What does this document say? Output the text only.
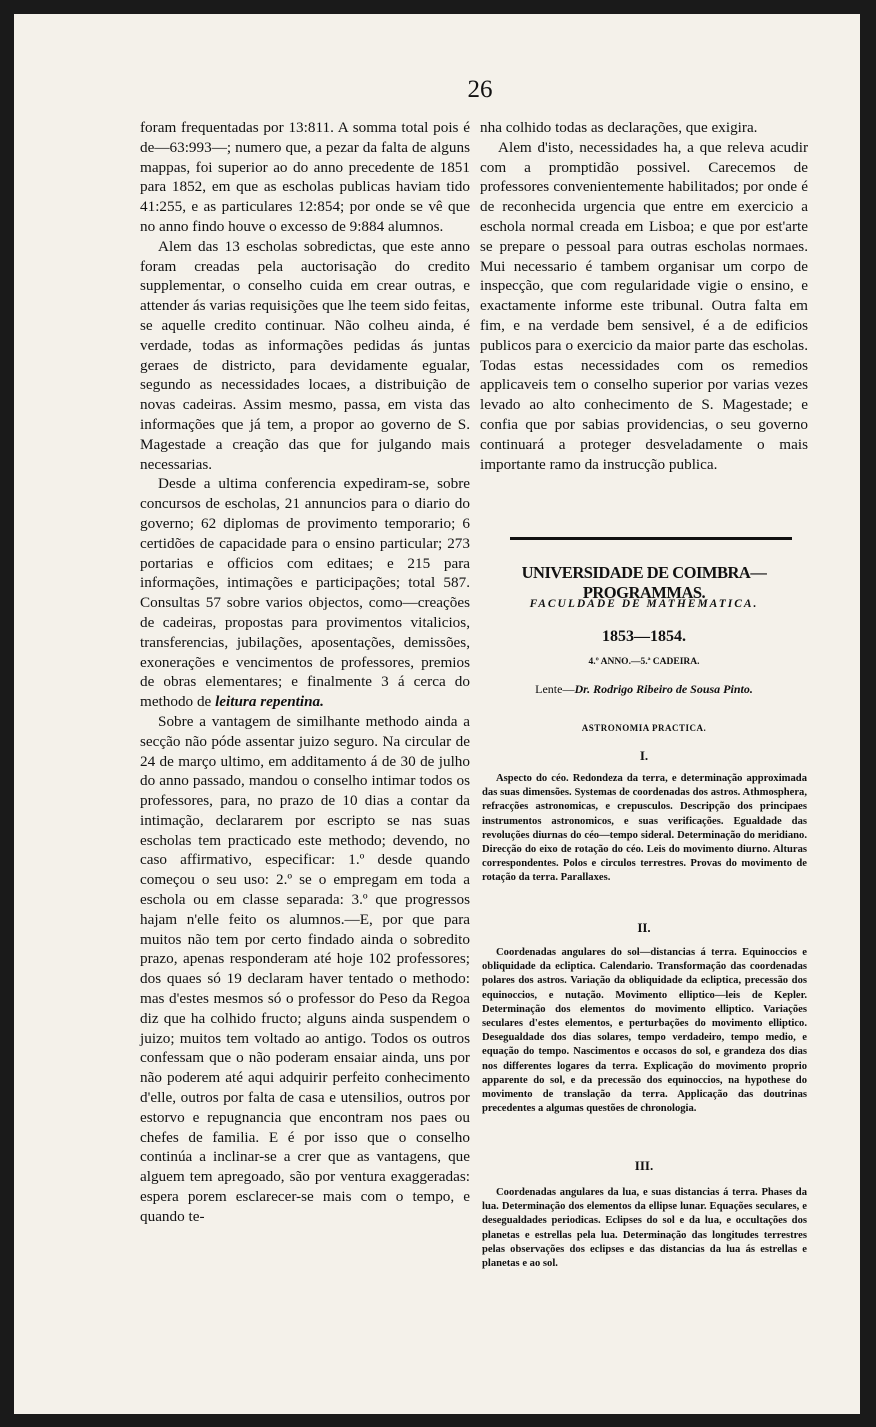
26

foram frequentadas por 13:811. A somma total pois é de—63:993—; numero que, a pezar da falta de alguns mappas, foi superior ao do anno precedente de 1851 para 1852, em que as escholas publicas haviam tido 41:255, e as particulares 12:854; por onde se vê que no anno findo houve o excesso de 9:884 alumnos.

Alem das 13 escholas sobredictas, que este anno foram creadas pela auctorisação do credito supplementar, o conselho cuida em crear outras, e attender ás varias requisições que lhe teem sido feitas, se aquelle credito continuar. Não colheu ainda, é verdade, todas as informações pedidas ás juntas geraes de districto, para devidamente egualar, segundo as necessidades locaes, a distribuição de novas cadeiras. Assim mesmo, passa, em vista das informações que já tem, a propor ao governo de S. Magestade a creação das que for julgando mais necessarias.

Desde a ultima conferencia expediram-se, sobre concursos de escholas, 21 annuncios para o diario do governo; 62 diplomas de provimento temporario; 6 certidões de capacidade para o ensino particular; 273 portarias e officios com editaes; e 215 para informações, intimações e participações; total 587. Consultas 57 sobre varios objectos, como—creações de cadeiras, propostas para provimentos vitalicios, transferencias, jubilações, aposentações, demissões, exonerações e vencimentos de professores, premios de obras elementares; e finalmente 3 á cerca do methodo de leitura repentina.

Sobre a vantagem de similhante methodo ainda a secção não póde assentar juizo seguro. Na circular de 24 de março ultimo, em additamento á de 30 de julho do anno passado, mandou o conselho intimar todos os professores, para, no prazo de 10 dias a contar da intimação, declararem por escripto se nas suas escholas tem practicado este methodo; devendo, no caso affirmativo, especificar: 1.º desde quando começou o seu uso: 2.º se o empregam em toda a eschola ou em classe separada: 3.º que progressos hajam n'elle feito os alumnos.—E, por que para muitos não tem por certo findado ainda o sobredito prazo, apenas responderam até hoje 102 professores; dos quaes só 19 declaram haver tentado o methodo: mas d'estes mesmos só o professor do Peso da Regoa diz que ha colhido fructo; alguns ainda suspendem o juizo; muitos tem voltado ao antigo. Todos os outros confessam que o não poderam ensaiar ainda, uns por não poderem até aqui adquirir perfeito conhecimento d'elle, outros por falta de casa e utensilios, outros por estorvo e repugnancia que encontram nos paes ou chefes de familia. E é por isso que o conselho continúa a inclinar-se a crer que as vantagens, que alguem tem apregoado, são por ventura exaggeradas: espera porem esclarecer-se mais com o tempo, e quando te-

nha colhido todas as declarações, que exigira.

Alem d'isto, necessidades ha, a que releva acudir com a promptidão possivel. Carecemos de professores convenientemente habilitados; por onde é de reconhecida urgencia que entre em exercicio a eschola normal creada em Lisboa; e que por est'arte se prepare o pessoal para outras escholas normaes. Mui necessario é tambem organisar um corpo de inspecção, que com regularidade vigie o ensino, e exactamente informe este tribunal. Outra falta em fim, e na verdade bem sensivel, é a de edificios publicos para o exercicio da maior parte das escholas. Todas estas necessidades com os remedios applicaveis tem o conselho superior por varias vezes levado ao alto conhecimento de S. Magestade; e confia que por sabias providencias, o seu governo continuará a proteger desveladamente o mais importante ramo da instrucção publica.

UNIVERSIDADE DE COIMBRA—PROGRAMMAS.
FACULDADE DE MATHEMATICA.
1853—1854.
4.º ANNO.—5.ª CADEIRA.
Lente—Dr. Rodrigo Ribeiro de Sousa Pinto.
ASTRONOMIA PRACTICA.
I.
Aspecto do céo. Redondeza da terra, e determinação approximada das suas dimensões. Systemas de coordenadas dos astros. Athmosphera, refracções astronomicas, e crepusculos. Descripção dos principaes instrumentos astronomicos, e suas verificações. Egualdade das revoluções diurnas do céo—tempo sideral. Determinação do meridiano. Direcção do eixo de rotação do céo. Leis do movimento diurno. Alturas correspondentes. Polos e circulos terrestres. Provas do movimento de rotação da terra. Parallaxes.
II.
Coordenadas angulares do sol—distancias á terra. Equinoccios e obliquidade da ecliptica. Calendario. Transformação das coordenadas polares dos astros. Variação da obliquidade da ecliptica, precessão dos equinoccios, e nutação. Movimento elliptico—leis de Kepler. Determinação dos elementos do movimento elliptico. Variações seculares d'estes elementos, e perturbações do movimento elliptico. Desegualdade dos dias solares, tempo verdadeiro, tempo medio, e equação do tempo. Nascimentos e occasos do sol, e grandeza dos dias nos differentes logares da terra. Explicação do movimento proprio apparente do sol, e da precessão dos equinoccios, na hypothese do movimento de translação da terra. Applicação das doutrinas precedentes a algumas questões de chronologia.
III.
Coordenadas angulares da lua, e suas distancias á terra. Phases da lua. Determinação dos elementos da ellipse lunar. Equações seculares, e desegualdades periodicas. Eclipses do sol e da lua, e occultações dos planetas e estrellas pela lua. Determinação das longitudes terrestres pelas observações dos eclipses e das distancias da lua ás estrellas e planetas e ao sol.
